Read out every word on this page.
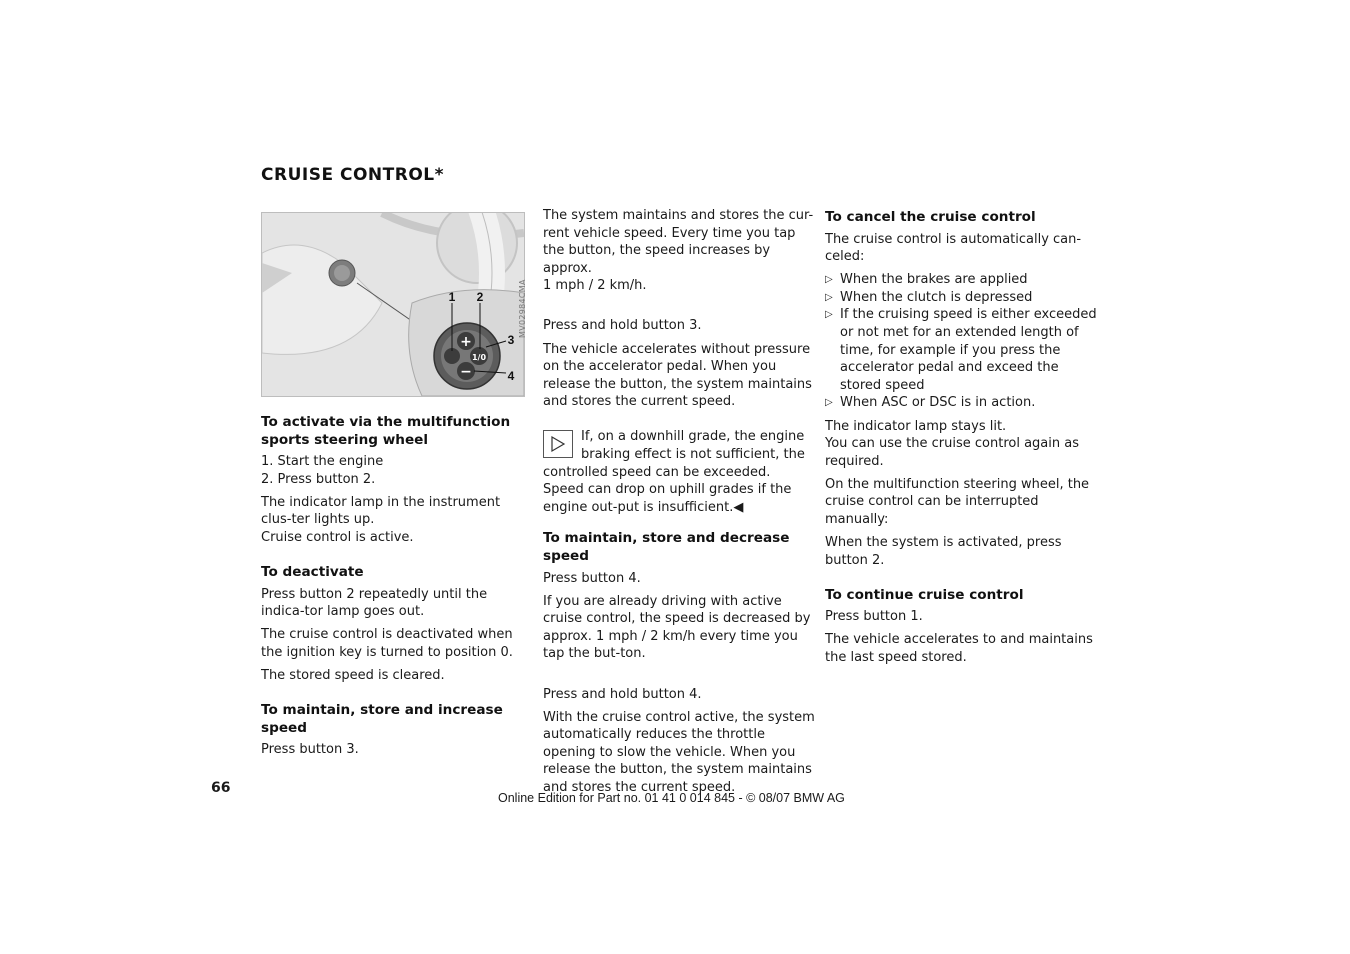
CRUISE CONTROL*
+
−
1/0
1 2
3
4
MV02984CMA
To activate via the multifunction sports steering wheel
1. Start the engine
2. Press button 2.

The indicator lamp in the instrument clus-ter lights up.

Cruise control is active.

To deactivate

Press button 2 repeatedly until the indica-tor lamp goes out.

The cruise control is deactivated when the ignition key is turned to position 0.

The stored speed is cleared.

To maintain, store and increase speed

Press button 3.

The system maintains and stores the cur-rent vehicle speed. Every time you tap the button, the speed increases by approx.

1 mph / 2 km/h.

Press and hold button 3.

The vehicle accelerates without pressure on the accelerator pedal. When you release the button, the system maintains and stores the current speed.

If, on a downhill grade, the engine braking effect is not sufficient, the controlled speed can be exceeded. Speed can drop on uphill grades if the engine out-put is insufficient.◀
To maintain, store and decrease speed

Press button 4.

If you are already driving with active cruise control, the speed is decreased by approx. 1 mph / 2 km/h every time you tap the but-ton.

Press and hold button 4.

With the cruise control active, the system automatically reduces the throttle opening to slow the vehicle. When you release the button, the system maintains and stores the current speed.

To cancel the cruise control

The cruise control is automatically can-celed:

▷ When the brakes are applied
▷ When the clutch is depressed
▷ If the cruising speed is either exceeded or not met for an extended length of time, for example if you press the accelerator pedal and exceed the stored speed
▷ When ASC or DSC is in action.

The indicator lamp stays lit.

You can use the cruise control again as required.

On the multifunction steering wheel, the cruise control can be interrupted manually:

When the system is activated, press button 2.

To continue cruise control

Press button 1.

The vehicle accelerates to and maintains the last speed stored.

66
Online Edition for Part no. 01 41 0 014 845 - © 08/07 BMW AG
